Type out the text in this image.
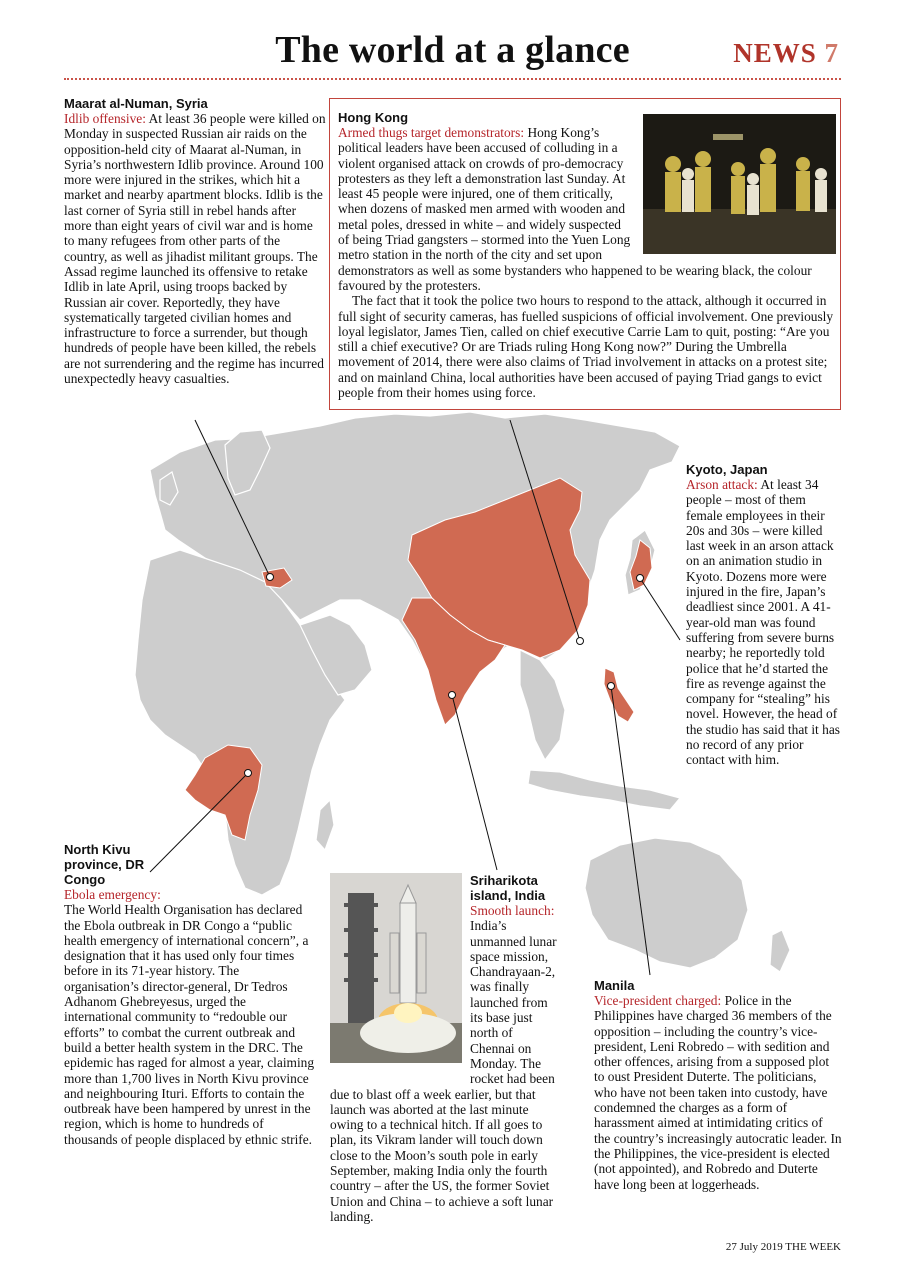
The world at a glance	NEWS 7
Maarat al-Numan, Syria

Idlib offensive: At least 36 people were killed on Monday in suspected Russian air raids on the opposition-held city of Maarat al-Numan, in Syria’s northwestern Idlib province. Around 100 more were injured in the strikes, which hit a market and nearby apartment blocks. Idlib is the last corner of Syria still in rebel hands after more than eight years of civil war and is home to many refugees from other parts of the country, as well as jihadist militant groups. The Assad regime launched its offensive to retake Idlib in late April, using troops backed by Russian air cover. Reportedly, they have systematically targeted civilian homes and infrastructure to force a surrender, but though hundreds of people have been killed, the rebels are not surrendering and the regime has incurred unexpectedly heavy casualties.

Hong Kong

Armed thugs target demonstrators: Hong Kong’s political leaders have been accused of colluding in a violent organised attack on crowds of pro-democracy protesters as they left a demonstration last Sunday. At least 45 people were injured, one of them critically, when dozens of masked men armed with wooden and metal poles, dressed in white – and widely suspected of being Triad gangsters – stormed into the Yuen Long metro station in the north of the city and set upon demonstrators as well as some bystanders who happened to be wearing black, the colour favoured by the protesters.

The fact that it took the police two hours to respond to the attack, although it occurred in full sight of security cameras, has fuelled suspicions of official involvement. One previously loyal legislator, James Tien, called on chief executive Carrie Lam to quit, posting: “Are you still a chief executive? Or are Triads ruling Hong Kong now?” During the Umbrella movement of 2014, there were also claims of Triad involvement in attacks on a protest site; and on mainland China, local authorities have been accused of paying Triad gangs to evict people from their homes using force.

Kyoto, Japan

Arson attack: At least 34 people – most of them female employees in their 20s and 30s – were killed last week in an arson attack on an animation studio in Kyoto. Dozens more were injured in the fire, Japan’s deadliest since 2001. A 41-year-old man was found suffering from severe burns nearby; he reportedly told police that he’d started the fire as revenge against the company for “stealing” his novel. However, the head of the studio has said that it has no record of any prior contact with him.

North Kivu province, DR Congo

Ebola emergency:
The World Health Organisation has declared the Ebola outbreak in DR Congo a “public health emergency of international concern”, a designation that it has used only four times before in its 71-year history. The organisation’s director-general, Dr Tedros Adhanom Ghebreyesus, urged the international community to “redouble our efforts” to combat the current outbreak and build a better health system in the DRC. The epidemic has raged for almost a year, claiming more than 1,700 lives in North Kivu province and neighbouring Ituri. Efforts to contain the outbreak have been hampered by unrest in the region, which is home to hundreds of thousands of people displaced by ethnic strife.

Sriharikota island, India

Smooth launch:
India’s unmanned lunar space mission, Chandrayaan-2, was finally launched from its base just north of Chennai on Monday. The rocket had been due to blast off a week earlier, but that launch was aborted at the last minute owing to a technical hitch. If all goes to plan, its Vikram lander will touch down close to the Moon’s south pole in early September, making India only the fourth country – after the US, the former Soviet Union and China – to achieve a soft lunar landing.

Manila

Vice-president charged: Police in the Philippines have charged 36 members of the opposition – including the country’s vice-president, Leni Robredo – with sedition and other offences, arising from a supposed plot to oust President Duterte. The politicians, who have not been taken into custody, have condemned the charges as a form of harassment aimed at intimidating critics of the country’s increasingly autocratic leader. In the Philippines, the vice-president is elected (not appointed), and Robredo and Duterte have long been at loggerheads.

27 July 2019 THE WEEK
